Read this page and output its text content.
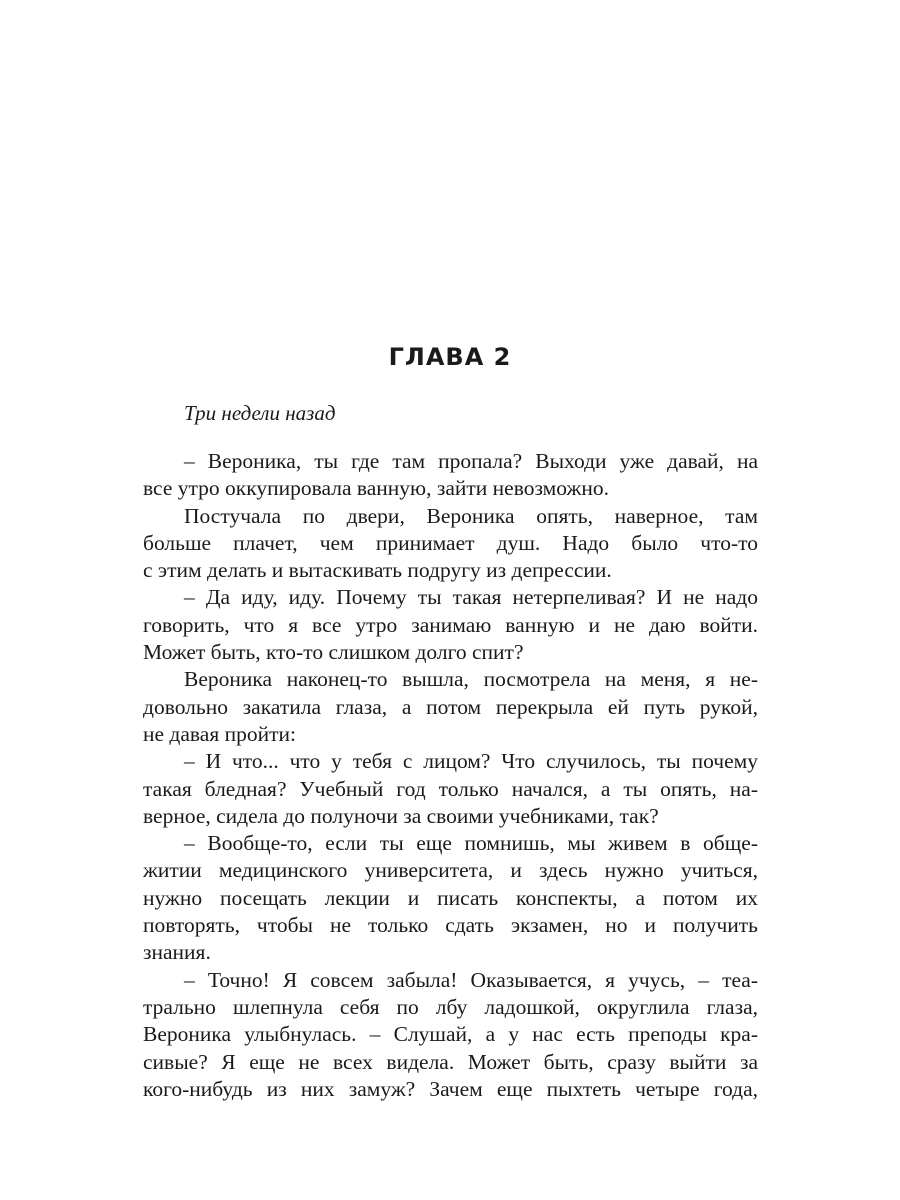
ГЛАВА 2

Три недели назад

– Вероника, ты где там пропала? Выходи уже давай, на
все утро оккупировала ванную, зайти невозможно.
Постучала по двери, Вероника опять, наверное, там
больше плачет, чем принимает душ. Надо было что-то
с этим делать и вытаскивать подругу из депрессии.
– Да иду, иду. Почему ты такая нетерпеливая? И не надо
говорить, что я все утро занимаю ванную и не даю войти.
Может быть, кто-то слишком долго спит?
Вероника наконец-то вышла, посмотрела на меня, я не-
довольно закатила глаза, а потом перекрыла ей путь рукой,
не давая пройти:
– И что... что у тебя с лицом? Что случилось, ты почему
такая бледная? Учебный год только начался, а ты опять, на-
верное, сидела до полуночи за своими учебниками, так?
– Вообще-то, если ты еще помнишь, мы живем в обще-
житии медицинского университета, и здесь нужно учиться,
нужно посещать лекции и писать конспекты, а потом их
повторять, чтобы не только сдать экзамен, но и получить
знания.
– Точно! Я совсем забыла! Оказывается, я учусь, – теа-
трально шлепнула себя по лбу ладошкой, округлила глаза,
Вероника улыбнулась. – Слушай, а у нас есть преподы кра-
сивые? Я еще не всех видела. Может быть, сразу выйти за
кого-нибудь из них замуж? Зачем еще пыхтеть четыре года,
